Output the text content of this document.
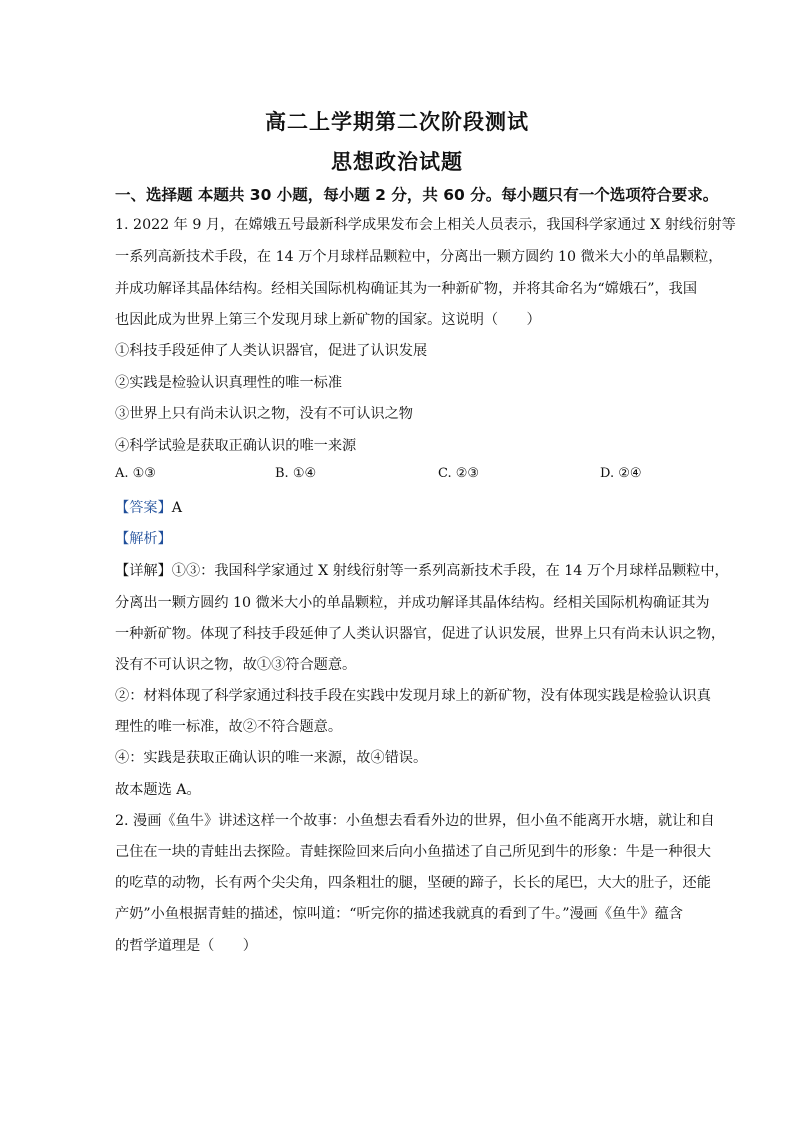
高二上学期第二次阶段测试
思想政治试题
一、选择题 本题共 30 小题，每小题 2 分，共 60 分。每小题只有一个选项符合要求。
1. 2022 年 9 月，在嫦娥五号最新科学成果发布会上相关人员表示，我国科学家通过 X 射线衍射等
一系列高新技术手段，在 14 万个月球样品颗粒中，分离出一颗方圆约 10 微米大小的单晶颗粒，
并成功解译其晶体结构。经相关国际机构确证其为一种新矿物，并将其命名为“嫦娥石”，我国
也因此成为世界上第三个发现月球上新矿物的国家。这说明（　　）
①科技手段延伸了人类认识器官，促进了认识发展
②实践是检验认识真理性的唯一标准
③世界上只有尚未认识之物，没有不可认识之物
④科学试验是获取正确认识的唯一来源
A. ①③	B. ①④	C. ②③	D. ②④
【答案】A
【解析】
【详解】①③：我国科学家通过 X 射线衍射等一系列高新技术手段，在 14 万个月球样品颗粒中，
分离出一颗方圆约 10 微米大小的单晶颗粒，并成功解译其晶体结构。经相关国际机构确证其为
一种新矿物。体现了科技手段延伸了人类认识器官，促进了认识发展，世界上只有尚未认识之物，
没有不可认识之物，故①③符合题意。
②：材料体现了科学家通过科技手段在实践中发现月球上的新矿物，没有体现实践是检验认识真
理性的唯一标准，故②不符合题意。
④：实践是获取正确认识的唯一来源，故④错误。
故本题选 A。
2. 漫画《鱼牛》讲述这样一个故事：小鱼想去看看外边的世界，但小鱼不能离开水塘，就让和自
己住在一块的青蛙出去探险。青蛙探险回来后向小鱼描述了自己所见到牛的形象：牛是一种很大
的吃草的动物，长有两个尖尖角，四条粗壮的腿，坚硬的蹄子，长长的尾巴，大大的肚子，还能
产奶”小鱼根据青蛙的描述，惊叫道：“听完你的描述我就真的看到了牛。”漫画《鱼牛》蕴含
的哲学道理是（　　）
